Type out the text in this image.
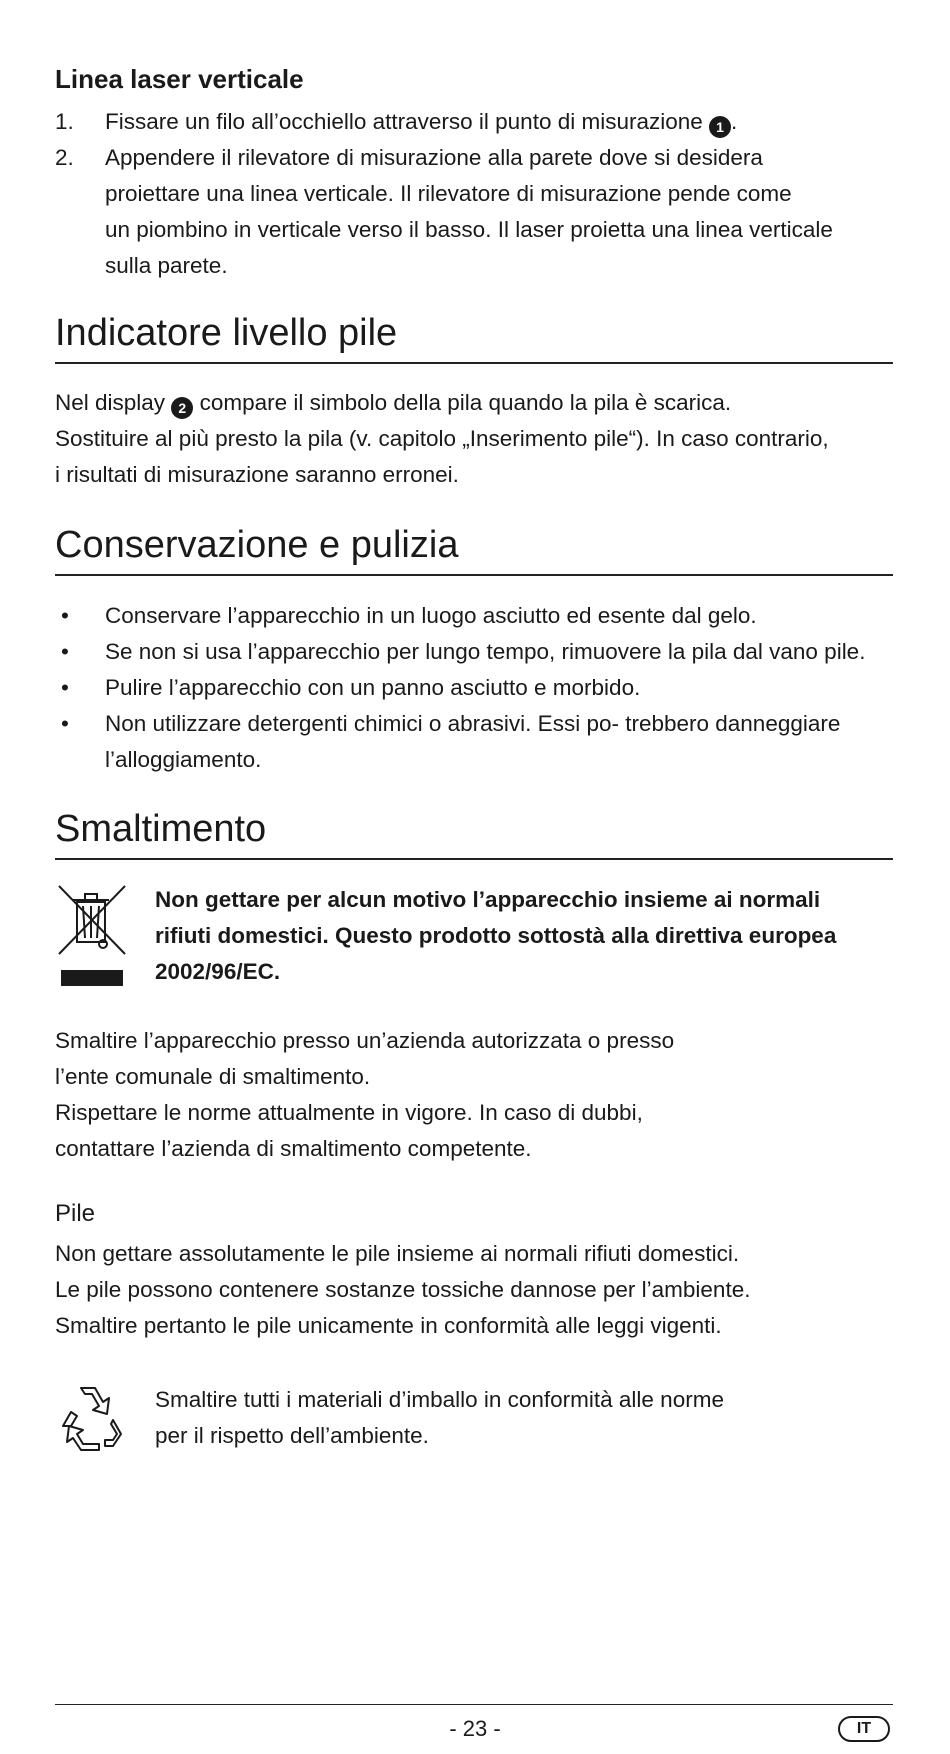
Linea laser verticale
1. Fissare un filo all’occhiello attraverso il punto di misurazione 1 .
2. Appendere il rilevatore di misurazione alla parete dove si desidera
proiettare una linea verticale. Il rilevatore di misurazione pende come
un piombino in verticale verso il basso. Il laser proietta una linea verticale
sulla parete.
Indicatore livello pile
Nel display 2 compare il simbolo della pila quando la pila è scarica.
Sostituire al più presto la pila (v. capitolo „Inserimento pile“). In caso contrario,
i risultati di misurazione saranno erronei.
Conservazione e pulizia
• Conservare l’apparecchio in un luogo asciutto ed esente dal gelo.
• Se non si usa l’apparecchio per lungo tempo, rimuovere la pila dal vano pile.
• Pulire l’apparecchio con un panno asciutto e morbido.
• Non utilizzare detergenti chimici o abrasivi. Essi po- trebbero danneggiare
l’alloggiamento.
Smaltimento
Non gettare per alcun motivo l’apparecchio insieme ai normali
rifiuti domestici. Questo prodotto sottostà alla direttiva europea
2002/96/EC.
Smaltire l’apparecchio presso un’azienda autorizzata o presso
l’ente comunale di smaltimento.
Rispettare le norme attualmente in vigore. In caso di dubbi,
contattare l’azienda di smaltimento competente.
Pile
Non gettare assolutamente le pile insieme ai normali rifiuti domestici.
Le pile possono contenere sostanze tossiche dannose per l’ambiente.
Smaltire pertanto le pile unicamente in conformità alle leggi vigenti.
Smaltire tutti i materiali d’imballo in conformità alle norme
per il rispetto dell’ambiente.
- 23 -	IT
